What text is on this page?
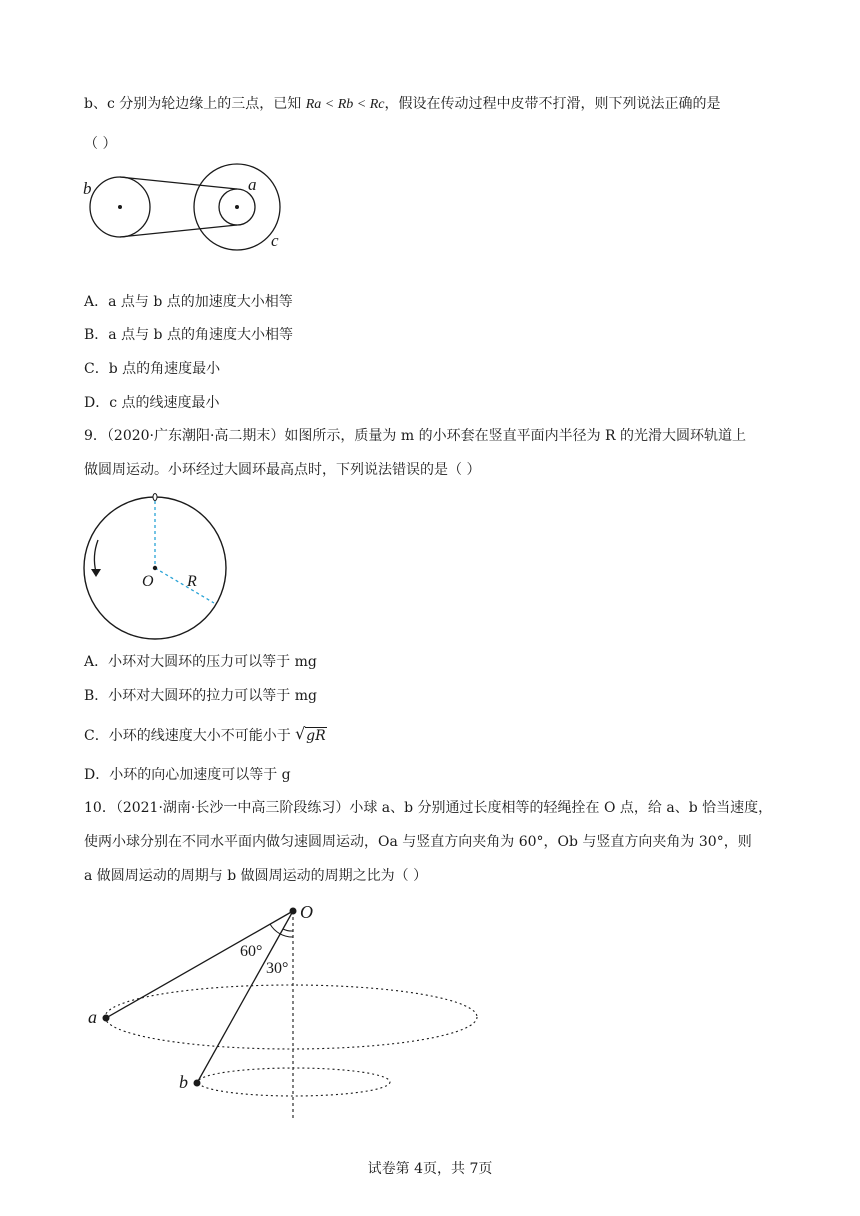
b、c 分别为轮边缘上的三点，已知 Ra < Rb < Rc，假设在传动过程中皮带不打滑，则下列说法正确的是
（ ）
b	a
c
A．a 点与 b 点的加速度大小相等
B．a 点与 b 点的角速度大小相等
C．b 点的角速度最小
D．c 点的线速度最小
9．（2020·广东潮阳·高二期末）如图所示，质量为 m 的小环套在竖直平面内半径为 R 的光滑大圆环轨道上
做圆周运动。小环经过大圆环最高点时，下列说法错误的是（ ）
O R
A．小环对大圆环的压力可以等于 mg
B．小环对大圆环的拉力可以等于 mg
C．小环的线速度大小不可能小于 √ gR
D．小环的向心加速度可以等于 g
10．（2021·湖南·长沙一中高三阶段练习）小球 a、b 分别通过长度相等的轻绳拴在 O 点，给 a、b 恰当速度，
使两小球分别在不同水平面内做匀速圆周运动，Oa 与竖直方向夹角为 60°，Ob 与竖直方向夹角为 30°，则
a 做圆周运动的周期与 b 做圆周运动的周期之比为（ ）
O
a
b
60°
30°
试卷第 4页，共 7页
